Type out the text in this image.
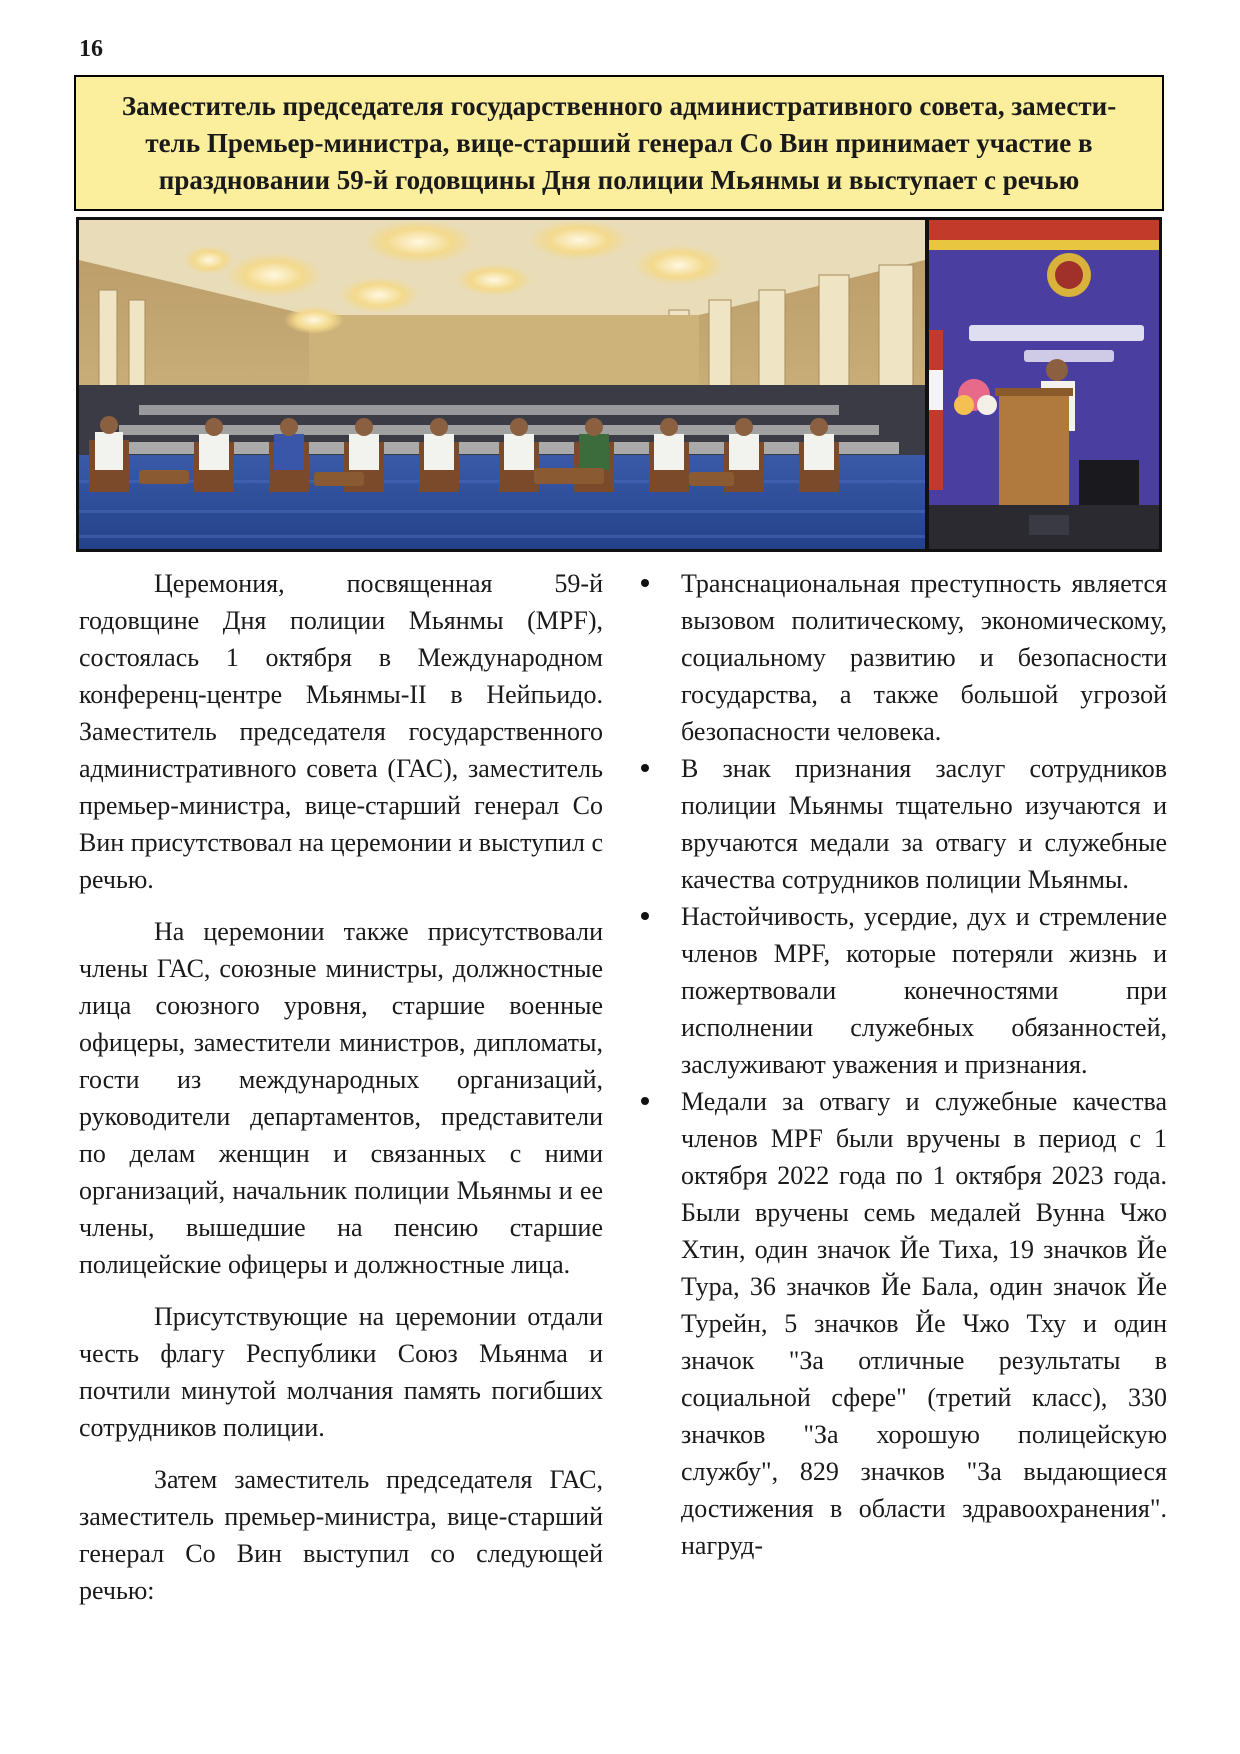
16
Заместитель председателя государственного административного совета, замести-
тель Премьер-министра, вице-старший генерал Со Вин принимает участие в
праздновании 59-й годовщины Дня полиции Мьянмы и выступает с речью

Церемония, посвященная 59-й годовщине Дня полиции Мьянмы (MPF), состоялась 1 октября в Международном конференц-центре Мьянмы-II в Нейпьидо. Заместитель председателя государственного административного совета (ГАС), заместитель премьер-министра, вице-старший генерал Со Вин присутствовал на церемонии и выступил с речью.

На церемонии также присутствовали члены ГАС, союзные министры, должностные лица союзного уровня, старшие военные офицеры, заместители министров, дипломаты, гости из международных организаций, руководители департаментов, представители по делам женщин и связанных с ними организаций, начальник полиции Мьянмы и ее члены, вышедшие на пенсию старшие полицейские офицеры и должностные лица.

Присутствующие на церемонии отдали честь флагу Республики Союз Мьянма и почтили минутой молчания память погибших сотрудников полиции.

Затем заместитель председателя ГАС, заместитель премьер-министра, вице-старший генерал Со Вин выступил со следующей речью:

Транснациональная преступность является вызовом политическому, экономическому, социальному развитию и безопасности государства, а также большой угрозой безопасности человека.
В знак признания заслуг сотрудников полиции Мьянмы тщательно изучаются и вручаются медали за отвагу и служебные качества сотрудников полиции Мьянмы.
Настойчивость, усердие, дух и стремление членов MPF, которые потеряли жизнь и пожертвовали конечностями при исполнении служебных обязанностей, заслуживают уважения и признания.
Медали за отвагу и служебные качества членов MPF были вручены в период с 1 октября 2022 года по 1 октября 2023 года. Были вручены семь медалей Вунна Чжо Хтин, один значок Йе Тиха, 19 значков Йе Тура, 36 значков Йе Бала, один значок Йе Турейн, 5 значков Йе Чжо Тху и один значок "За отличные результаты в социальной сфере" (третий класс), 330 значков "За хорошую полицейскую службу", 829 значков "За выдающиеся достижения в области здравоохранения". нагруд-
